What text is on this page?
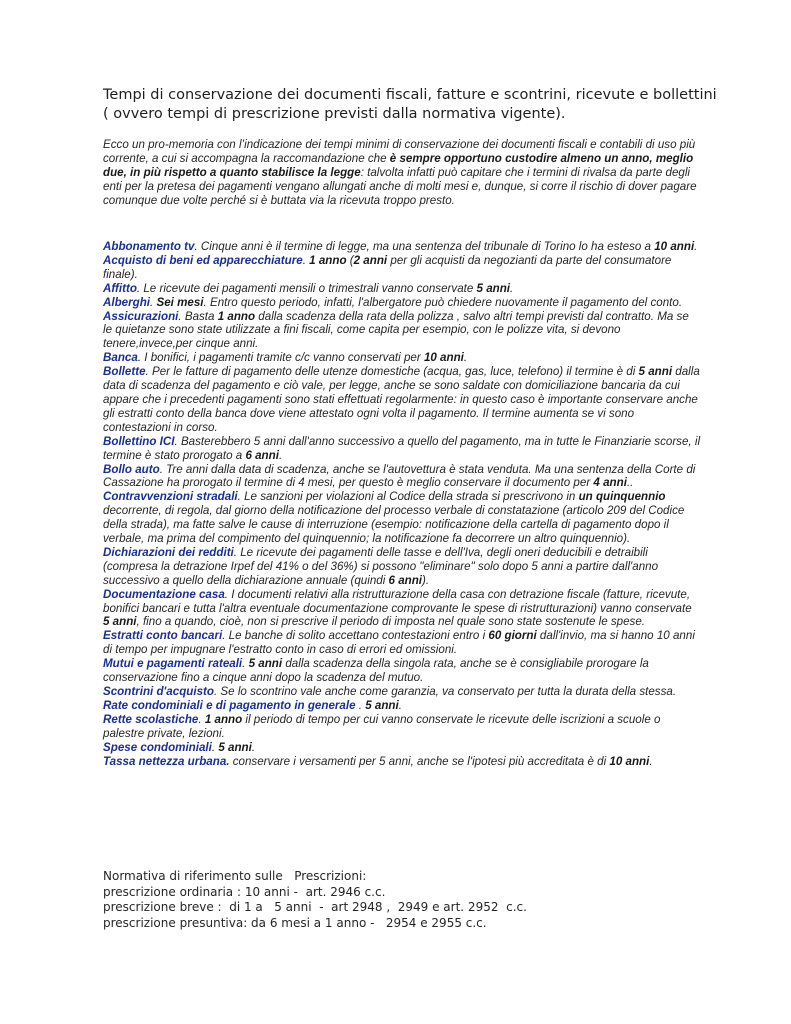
Tempi di conservazione dei documenti fiscali, fatture e scontrini, ricevute e bollettini ( ovvero tempi di prescrizione previsti dalla normativa vigente).

Ecco un pro-memoria con l’indicazione dei tempi minimi di conservazione dei documenti fiscali e contabili di uso più corrente, a cui si accompagna la raccomandazione che è sempre opportuno custodire almeno un anno, meglio due, in più rispetto a quanto stabilisce la legge: talvolta infatti può capitare che i termini di rivalsa da parte degli enti per la pretesa dei pagamenti vengano allungati anche di molti mesi e, dunque, si corre il rischio di dover pagare comunque due volte perché si è buttata via la ricevuta troppo presto.

Abbonamento tv. Cinque anni è il termine di legge, ma una sentenza del tribunale di Torino lo ha esteso a 10 anni.

Acquisto di beni ed apparecchiature. 1 anno (2 anni per gli acquisti da negozianti da parte del consumatore finale).

Affitto. Le ricevute dei pagamenti mensili o trimestrali vanno conservate 5 anni.

Alberghi. Sei mesi. Entro questo periodo, infatti, l'albergatore può chiedere nuovamente il pagamento del conto.

Assicurazioni. Basta 1 anno dalla scadenza della rata della polizza , salvo altri tempi previsti dal contratto. Ma se le quietanze sono state utilizzate a fini fiscali, come capita per esempio, con le polizze vita, si devono tenere,invece,per cinque anni.

Banca. I bonifici, i pagamenti tramite c/c vanno conservati per 10 anni.

Bollette. Per le fatture di pagamento delle utenze domestiche (acqua, gas, luce, telefono) il termine è di 5 anni dalla data di scadenza del pagamento e ciò vale, per legge, anche se sono saldate con domiciliazione bancaria da cui appare che i precedenti pagamenti sono stati effettuati regolarmente: in questo caso è importante conservare anche gli estratti conto della banca dove viene attestato ogni volta il pagamento. Il termine aumenta se vi sono contestazioni in corso.

Bollettino ICI. Basterebbero 5 anni dall'anno successivo a quello del pagamento, ma in tutte le Finanziarie scorse, il termine è stato prorogato a 6 anni.

Bollo auto. Tre anni dalla data di scadenza, anche se l'autovettura è stata venduta. Ma una sentenza della Corte di Cassazione ha prorogato il termine di 4 mesi, per questo è meglio conservare il documento per 4 anni..

Contravvenzioni stradali. Le sanzioni per violazioni al Codice della strada si prescrivono in un quinquennio decorrente, di regola, dal giorno della notificazione del processo verbale di constatazione (articolo 209 del Codice della strada), ma fatte salve le cause di interruzione (esempio: notificazione della cartella di pagamento dopo il verbale, ma prima del compimento del quinquennio; la notificazione fa decorrere un altro quinquennio).

Dichiarazioni dei redditi. Le ricevute dei pagamenti delle tasse e dell'Iva, degli oneri deducibili e detraibili (compresa la detrazione Irpef del 41% o del 36%) si possono "eliminare" solo dopo 5 anni a partire dall'anno successivo a quello della dichiarazione annuale (quindi 6 anni).

Documentazione casa. I documenti relativi alla ristrutturazione della casa con detrazione fiscale (fatture, ricevute, bonifici bancari e tutta l'altra eventuale documentazione comprovante le spese di ristrutturazioni) vanno conservate 5 anni, fino a quando, cioè, non si prescrive il periodo di imposta nel quale sono state sostenute le spese.

Estratti conto bancari. Le banche di solito accettano contestazioni entro i 60 giorni dall'invio, ma si hanno 10 anni di tempo per impugnare l'estratto conto in caso di errori ed omissioni.

Mutui e pagamenti rateali. 5 anni dalla scadenza della singola rata, anche se è consigliabile prorogare la conservazione fino a cinque anni dopo la scadenza del mutuo.

Scontrini d'acquisto. Se lo scontrino vale anche come garanzia, va conservato per tutta la durata della stessa.

Rate condominiali e di pagamento in generale . 5 anni.

Rette scolastiche. 1 anno il periodo di tempo per cui vanno conservate le ricevute delle iscrizioni a scuole o palestre private, lezioni.

Spese condominiali. 5 anni.

Tassa nettezza urbana. conservare i versamenti per 5 anni, anche se l'ipotesi più accreditata è di 10 anni.

Normativa di riferimento sulle   Prescrizioni:
prescrizione ordinaria : 10 anni -  art. 2946 c.c.
prescrizione breve :  di 1 a   5 anni  -  art 2948 ,  2949 e art. 2952  c.c.
prescrizione presuntiva: da 6 mesi a 1 anno -   2954 e 2955 c.c.
